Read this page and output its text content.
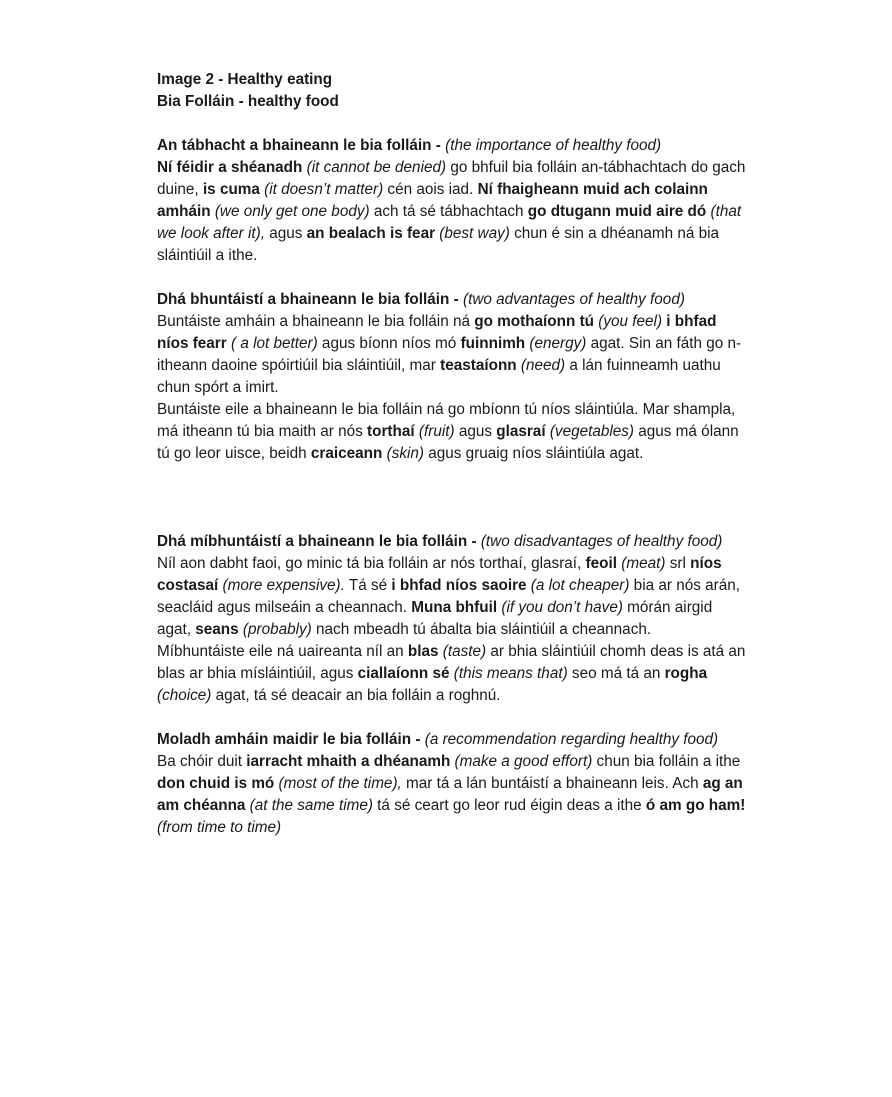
Image 2 - Healthy eating

Bia Folláin - healthy food

An tábhacht a bhaineann le bia folláin - (the importance of healthy food)

Ní féidir a shéanadh (it cannot be denied) go bhfuil bia folláin an-tábhachtach do gach duine, is cuma (it doesn’t matter) cén aois iad. Ní fhaigheann muid ach colainn amháin (we only get one body) ach tá sé tábhachtach go dtugann muid aire dó (that we look after it), agus an bealach is fear (best way) chun é sin a dhéanamh ná bia sláintiúil a ithe.

Dhá bhuntáistí a bhaineann le bia folláin - (two advantages of healthy food)

Buntáiste amháin a bhaineann le bia folláin ná go mothaíonn tú (you feel) i bhfad níos fearr ( a lot better) agus bíonn níos mó fuinnimh (energy) agat. Sin an fáth go n-itheann daoine spóirtiúil bia sláintiúil, mar teastaíonn (need) a lán fuinneamh uathu chun spórt a imirt.

Buntáiste eile a bhaineann le bia folláin ná go mbíonn tú níos sláintiúla. Mar shampla, má itheann tú bia maith ar nós torthaí (fruit) agus glasraí (vegetables) agus má ólann tú go leor uisce, beidh craiceann (skin) agus gruaig níos sláintiúla agat.

Dhá míbhuntáistí a bhaineann le bia folláin - (two disadvantages of healthy food)

Níl aon dabht faoi, go minic tá bia folláin ar nós torthaí, glasraí, feoil (meat) srl níos costasaí (more expensive). Tá sé i bhfad níos saoire (a lot cheaper) bia ar nós arán, seacláid agus milseáin a cheannach. Muna bhfuil (if you don’t have) mórán airgid agat, seans (probably) nach mbeadh tú ábalta bia sláintiúil a cheannach.

Míbhuntáiste eile ná uaireanta níl an blas (taste) ar bhia sláintiúil chomh deas is atá an blas ar bhia mísláintiúil, agus ciallaíonn sé (this means that) seo má tá an rogha (choice) agat, tá sé deacair an bia folláin a roghnú.

Moladh amháin maidir le bia folláin - (a recommendation regarding healthy food)

Ba chóir duit iarracht mhaith a dhéanamh (make a good effort) chun bia folláin a ithe don chuid is mó (most of the time), mar tá a lán buntáistí a bhaineann leis. Ach ag an am chéanna (at the same time) tá sé ceart go leor rud éigin deas a ithe ó am go ham! (from time to time)
